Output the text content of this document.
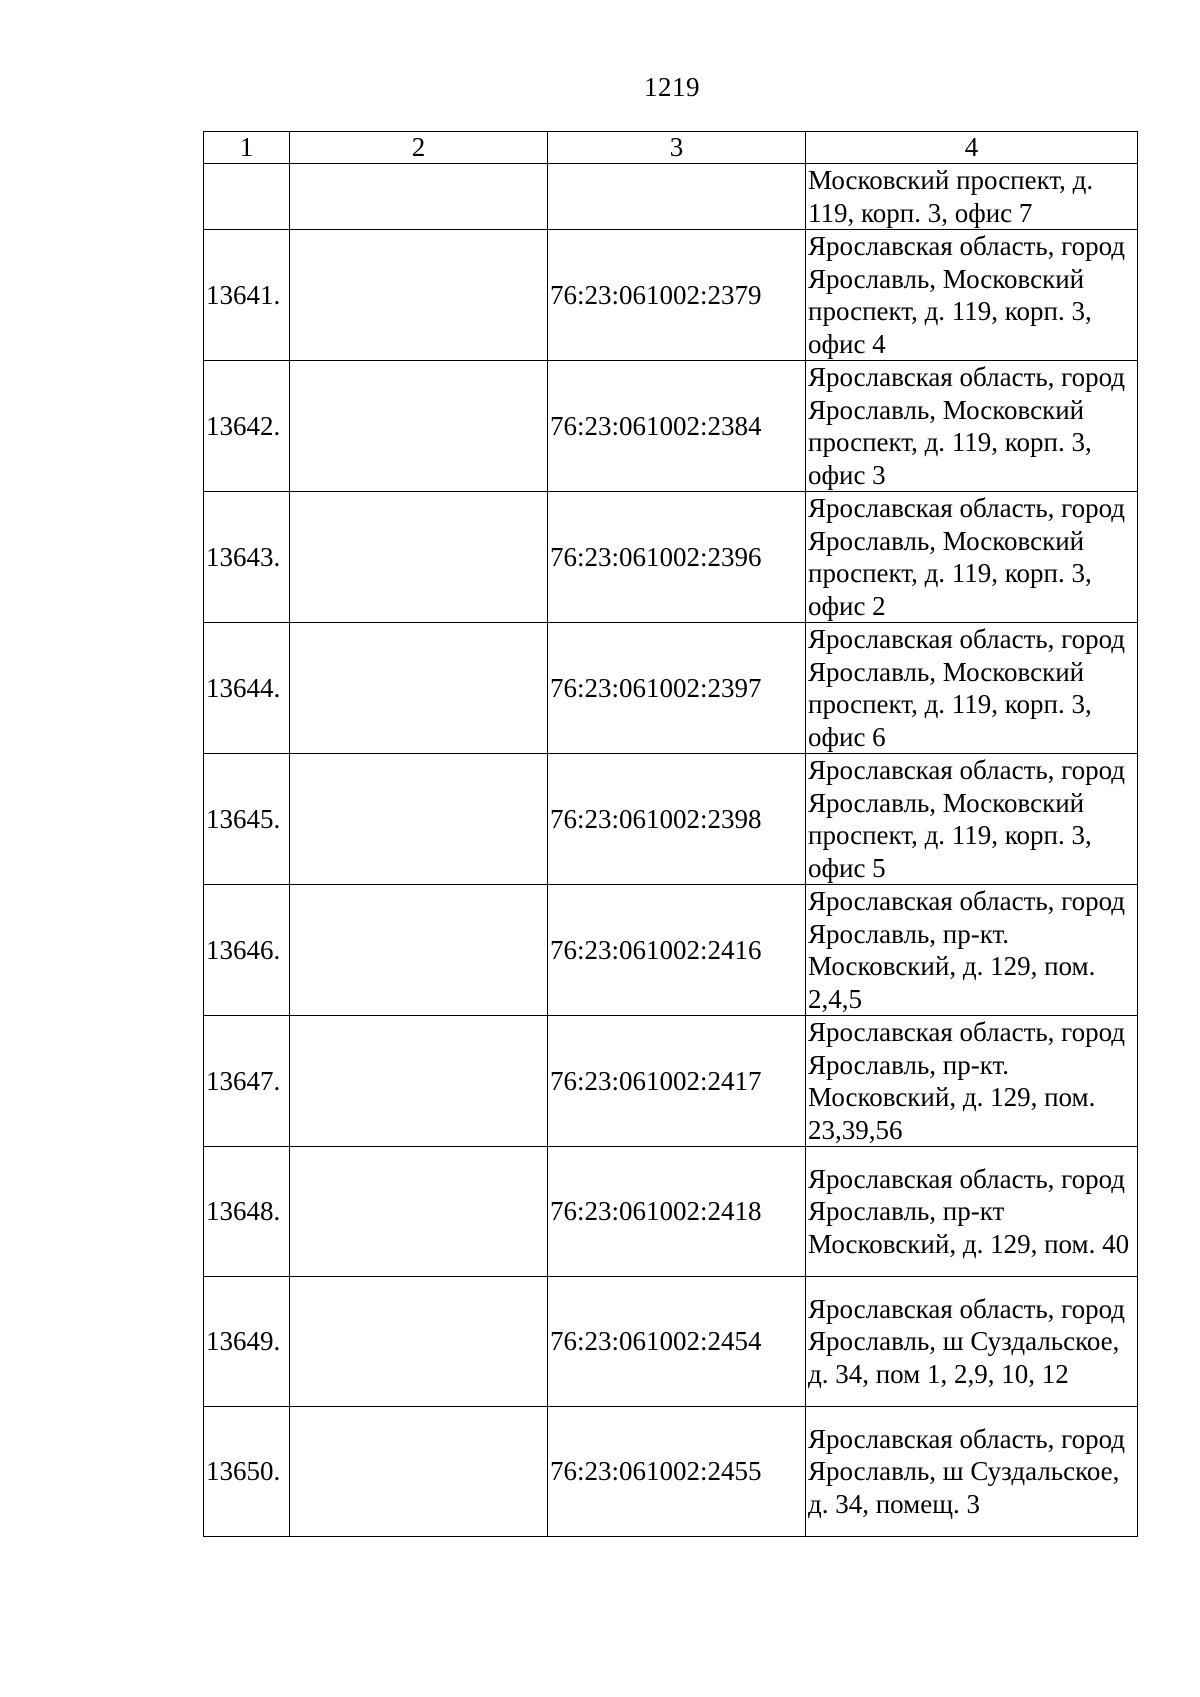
1219
1	2	3	4
			Московский проспект, д. 119, корп. 3, офис 7
13641.		76:23:061002:2379	Ярославская область, город Ярославль, Московский проспект, д. 119, корп. 3, офис 4
13642.		76:23:061002:2384	Ярославская область, город Ярославль, Московский проспект, д. 119, корп. 3, офис 3
13643.		76:23:061002:2396	Ярославская область, город Ярославль, Московский проспект, д. 119, корп. 3, офис 2
13644.		76:23:061002:2397	Ярославская область, город Ярославль, Московский проспект, д. 119, корп. 3, офис 6
13645.		76:23:061002:2398	Ярославская область, город Ярославль, Московский проспект, д. 119, корп. 3, офис 5
13646.		76:23:061002:2416	Ярославская область, город Ярославль, пр-кт. Московский, д. 129, пом. 2,4,5
13647.		76:23:061002:2417	Ярославская область, город Ярославль, пр-кт. Московский, д. 129, пом. 23,39,56
13648.		76:23:061002:2418	Ярославская область, город Ярославль, пр-кт Московский, д. 129, пом. 40
13649.		76:23:061002:2454	Ярославская область, город Ярославль, ш Суздальское, д. 34, пом 1, 2,9, 10, 12
13650.		76:23:061002:2455	Ярославская область, город Ярославль, ш Суздальское, д. 34, помещ. 3
